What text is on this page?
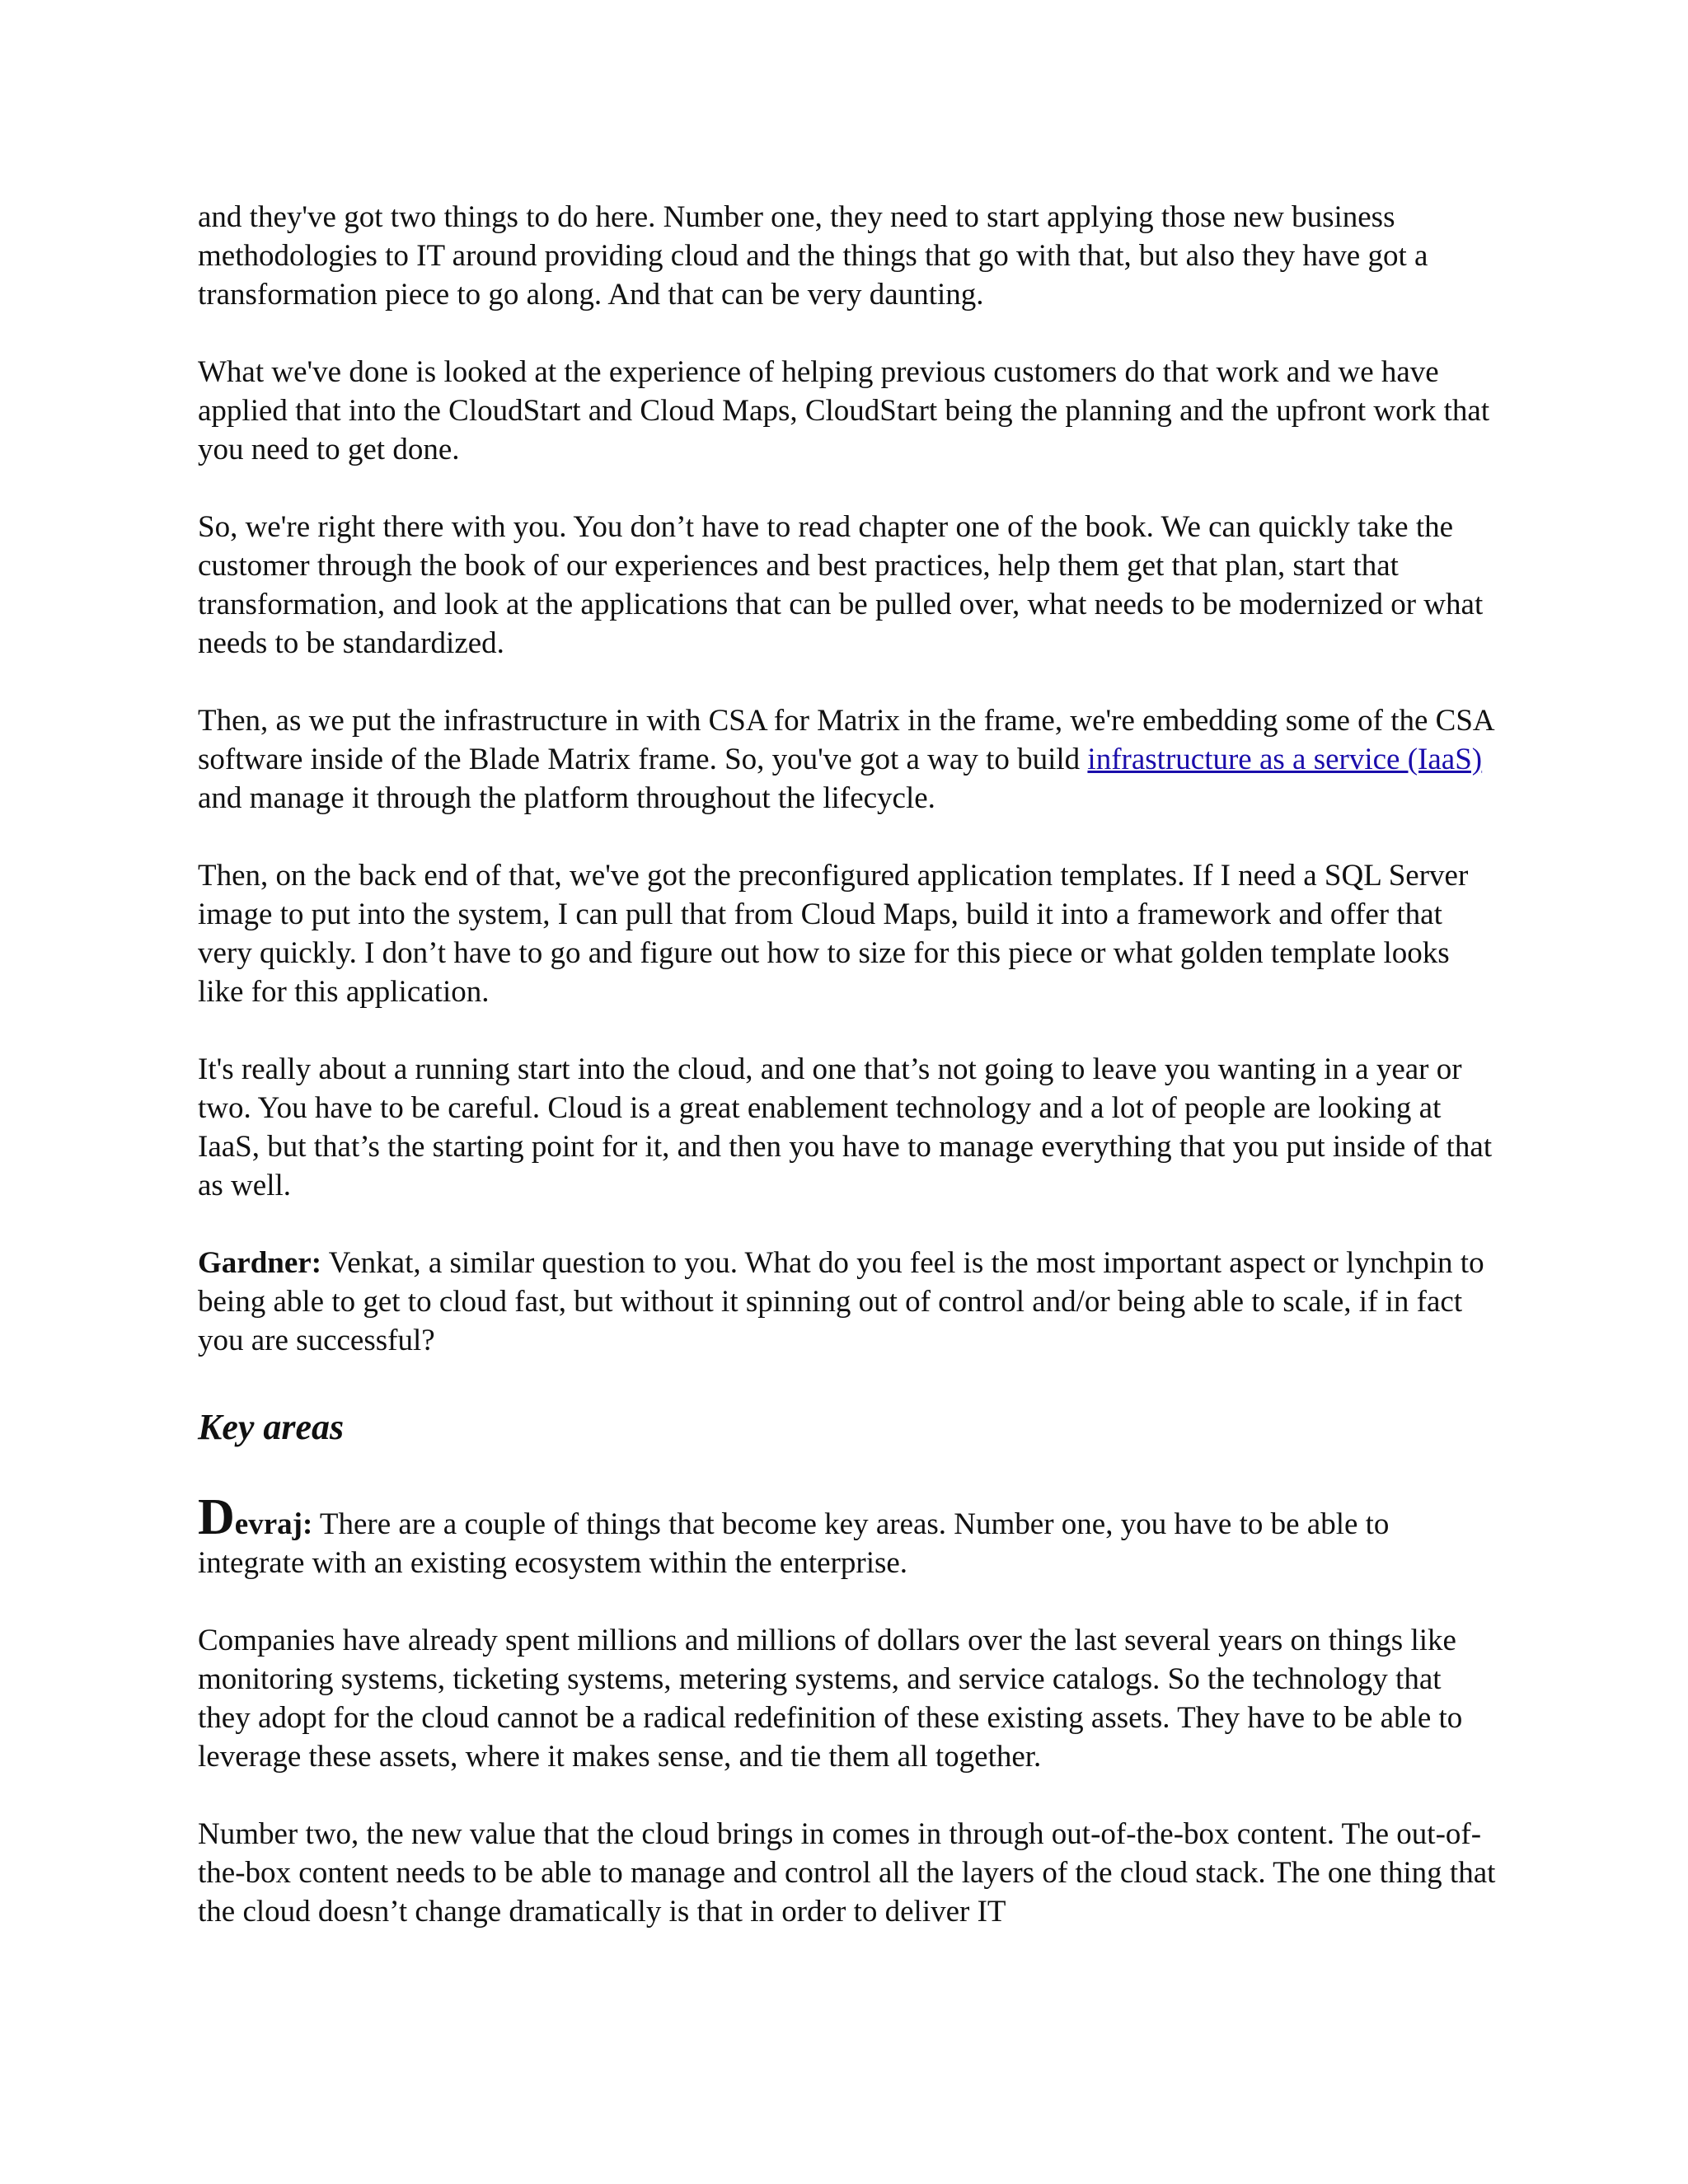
and they've got two things to do here. Number one, they need to start applying those new business methodologies to IT around providing cloud and the things that go with that, but also they have got a transformation piece to go along. And that can be very daunting.

What we've done is looked at the experience of helping previous customers do that work and we have applied that into the CloudStart and Cloud Maps, CloudStart being the planning and the upfront work that you need to get done.

So, we're right there with you. You don’t have to read chapter one of the book. We can quickly take the customer through the book of our experiences and best practices, help them get that plan, start that transformation, and look at the applications that can be pulled over, what needs to be modernized or what needs to be standardized.

Then, as we put the infrastructure in with CSA for Matrix in the frame, we're embedding some of the CSA software inside of the Blade Matrix frame. So, you've got a way to build infrastructure as a service (IaaS) and manage it through the platform throughout the lifecycle.

Then, on the back end of that, we've got the preconfigured application templates. If I need a SQL Server image to put into the system, I can pull that from Cloud Maps, build it into a framework and offer that very quickly. I don’t have to go and figure out how to size for this piece or what golden template looks like for this application.

It's really about a running start into the cloud, and one that’s not going to leave you wanting in a year or two. You have to be careful. Cloud is a great enablement technology and a lot of people are looking at IaaS, but that’s the starting point for it, and then you have to manage everything that you put inside of that as well.

Gardner: Venkat, a similar question to you. What do you feel is the most important aspect or lynchpin to being able to get to cloud fast, but without it spinning out of control and/or being able to scale, if in fact you are successful?

Key areas

Devraj: There are a couple of things that become key areas. Number one, you have to be able to integrate with an existing ecosystem within the enterprise.

Companies have already spent millions and millions of dollars over the last several years on things like monitoring systems, ticketing systems, metering systems, and service catalogs. So the technology that they adopt for the cloud cannot be a radical redefinition of these existing assets. They have to be able to leverage these assets, where it makes sense, and tie them all together.

Number two, the new value that the cloud brings in comes in through out-of-the-box content. The out-of-the-box content needs to be able to manage and control all the layers of the cloud stack. The one thing that the cloud doesn’t change dramatically is that in order to deliver IT
